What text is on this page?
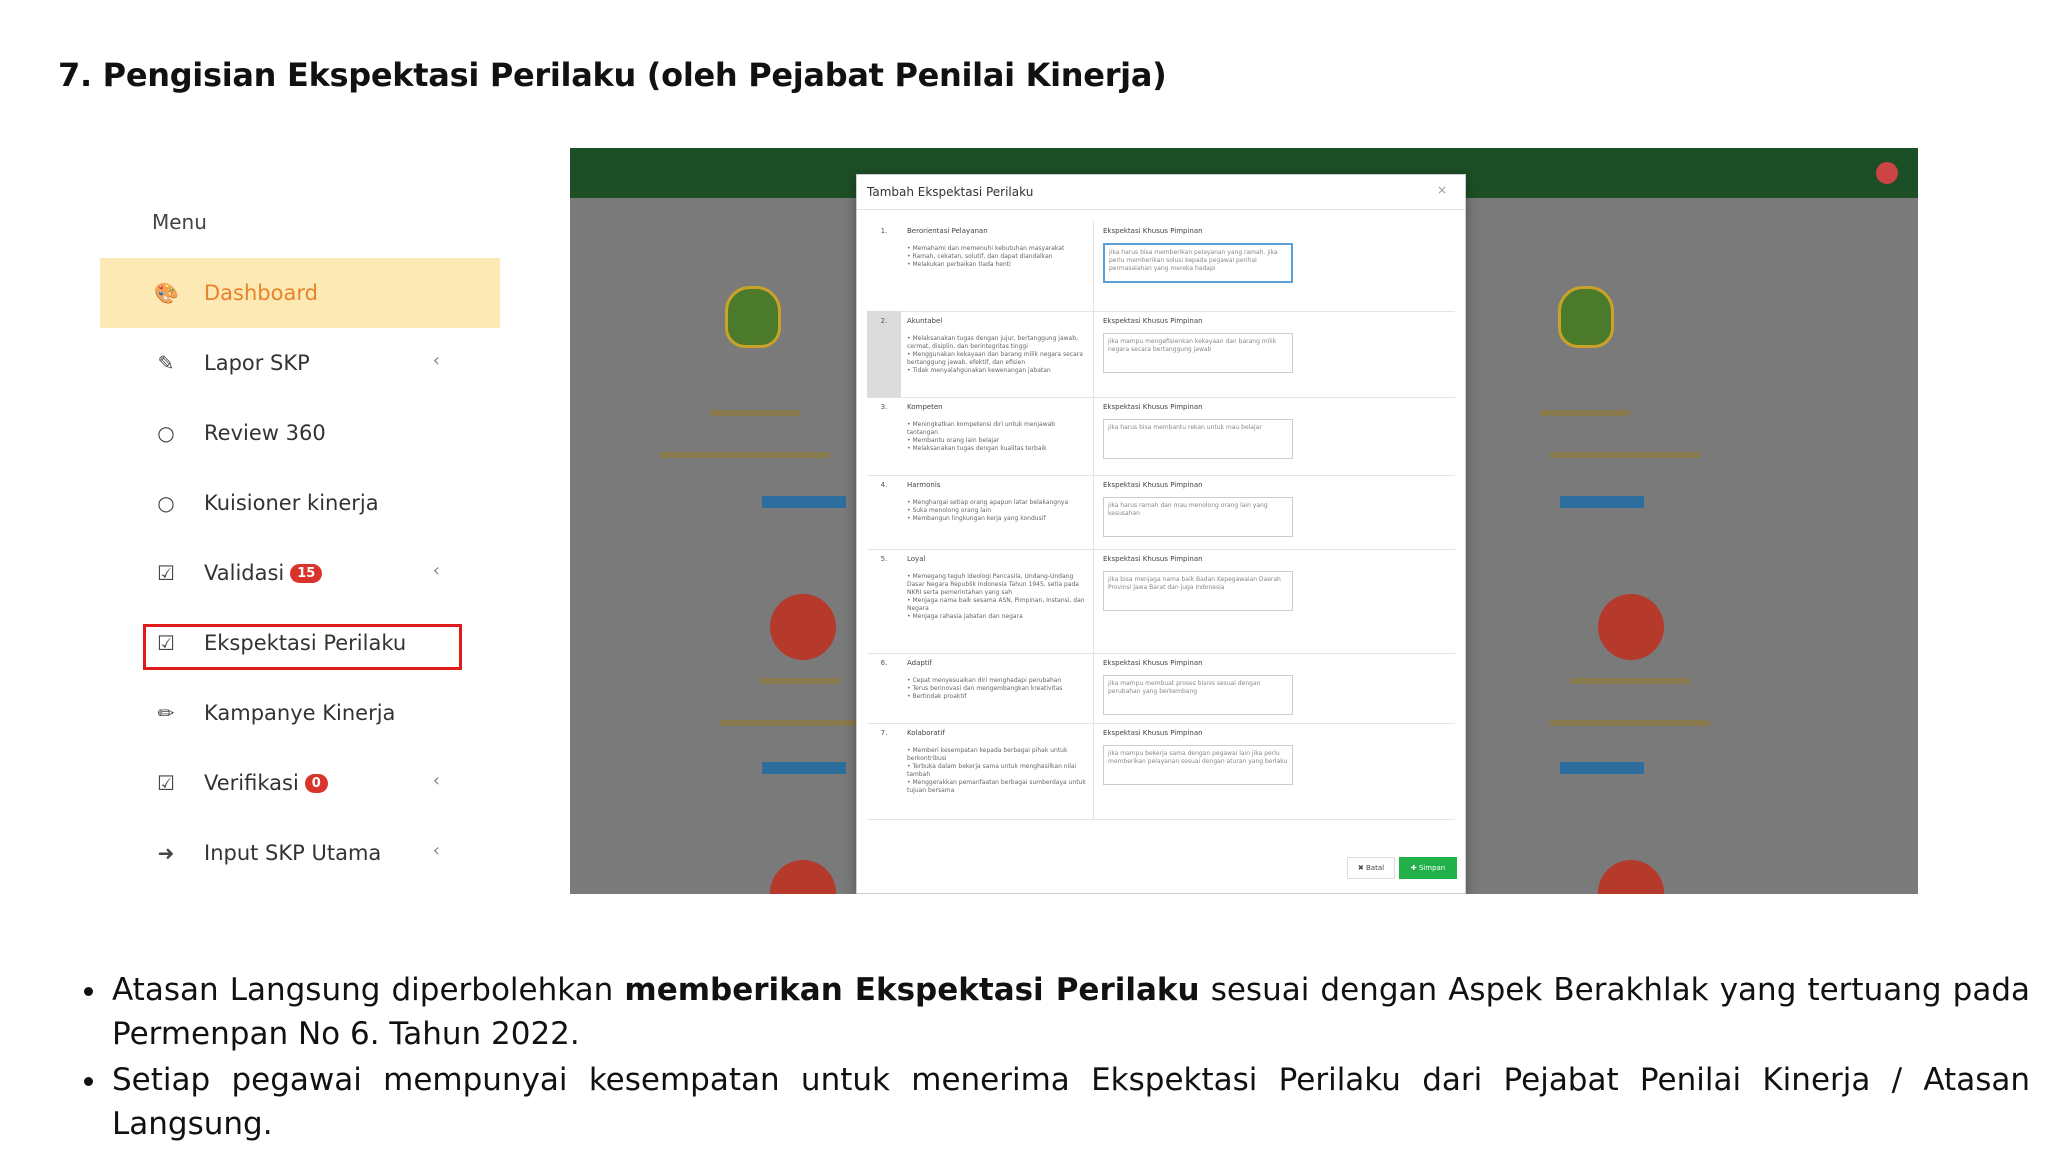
7. Pengisian Ekspektasi Perilaku (oleh Pejabat Penilai Kinerja)
Menu
🎨 Dashboard
✎ Lapor SKP	‹
○ Review 360
○ Kuisioner kinerja
☑ Validasi	15	‹
☑ Ekspektasi Perilaku
✏ Kampanye Kinerja
☑ Verifikasi	0	‹
➜ Input SKP Utama	‹
Tambah Ekspektasi Perilaku	×
1.	Berorientasi Pelayanan
• Memahami dan memenuhi kebutuhan masyarakat
• Ramah, cekatan, solutif, dan dapat diandalkan
• Melakukan perbaikan tiada henti
Ekspektasi Khusus Pimpinan
jika harus bisa memberikan pelayanan yang ramah. jika perlu memberikan solusi kepada pegawai perihal permasalahan yang mereka hadapi
2.	Akuntabel
• Melaksanakan tugas dengan jujur, bertanggung jawab, cermat, disiplin, dan berintegritas tinggi
• Menggunakan kekayaan dan barang milik negara secara bertanggung jawab, efektif, dan efisien
• Tidak menyalahgunakan kewenangan jabatan
Ekspektasi Khusus Pimpinan
jika mampu mengefisienkan kekayaan dan barang milik negara secara bertanggung jawab
3.	Kompeten
• Meningkatkan kompetensi diri untuk menjawab tantangan
• Membantu orang lain belajar
• Melaksanakan tugas dengan kualitas terbaik
Ekspektasi Khusus Pimpinan
jika harus bisa membantu rekan untuk mau belajar
4.	Harmonis
• Menghargai setiap orang apapun latar belakangnya
• Suka menolong orang lain
• Membangun lingkungan kerja yang kondusif
Ekspektasi Khusus Pimpinan
jika harus ramah dan mau menolong orang lain yang kesusahan
5.	Loyal
• Memegang teguh ideologi Pancasila, Undang-Undang Dasar Negara Republik Indonesia Tahun 1945, setia pada NKRI serta pemerintahan yang sah
• Menjaga nama baik sesama ASN, Pimpinan, Instansi, dan Negara
• Menjaga rahasia jabatan dan negara
Ekspektasi Khusus Pimpinan
jika bisa menjaga nama baik Badan Kepegawaian Daerah Provinsi Jawa Barat dan juga Indonesia
6.	Adaptif
• Cepat menyesuaikan diri menghadapi perubahan
• Terus berinovasi dan mengembangkan kreativitas
• Bertindak proaktif
Ekspektasi Khusus Pimpinan
jika mampu membuat proses bisnis sesuai dengan perubahan yang berkembang
7.	Kolaboratif
• Memberi kesempatan kepada berbagai pihak untuk berkontribusi
• Terbuka dalam bekerja sama untuk menghasilkan nilai tambah
• Menggerakkan pemanfaatan berbagai sumberdaya untuk tujuan bersama
Ekspektasi Khusus Pimpinan
jika mampu bekerja sama dengan pegawai lain jika perlu memberikan pelayanan sesuai dengan aturan yang berlaku
✖ Batal	✚ Simpan
Atasan Langsung diperbolehkan memberikan Ekspektasi Perilaku sesuai dengan Aspek Berakhlak yang tertuang pada Permenpan No 6. Tahun 2022.
Setiap pegawai mempunyai kesempatan untuk menerima Ekspektasi Perilaku dari Pejabat Penilai Kinerja / Atasan Langsung.
